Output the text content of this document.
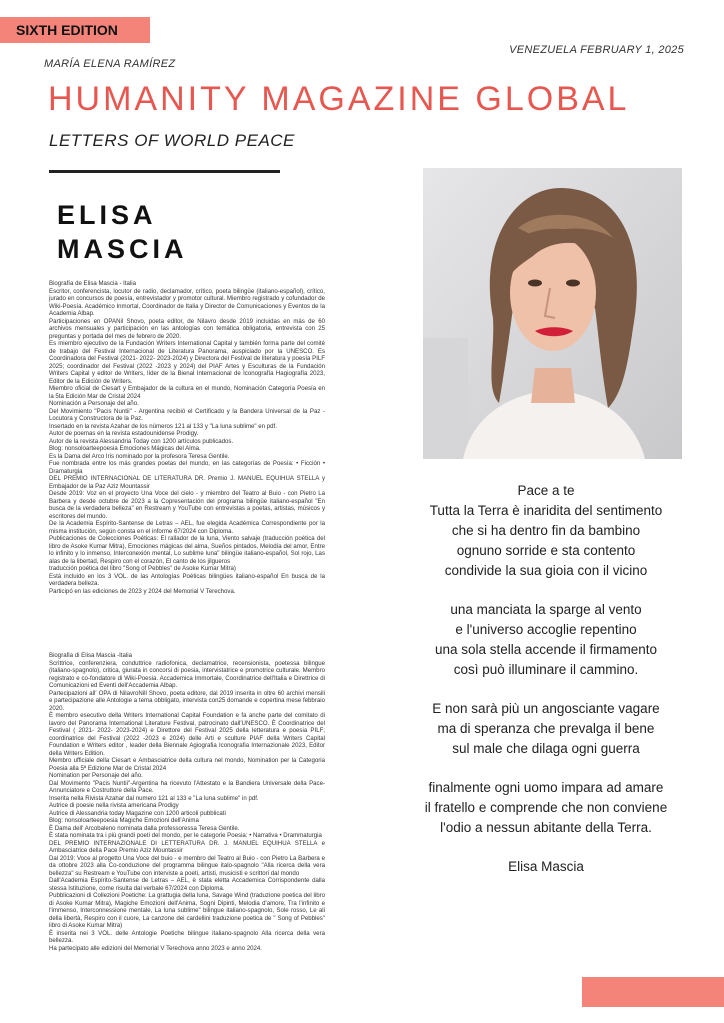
SIXTH EDITION
VENEZUELA FEBRUARY 1, 2025
MARÍA ELENA RAMÍREZ
HUMANITY MAGAZINE GLOBAL
LETTERS OF WORLD PEACE
ELISA
MASCIA

Biografía de Elisa Mascia - Italia

Escritor, conferencista, locutor de radio, declamador, crítico, poeta bilingüe (italiano-español), crítico, jurado en concursos de poesía, entrevistador y promotor cultural. Miembro registrado y cofundador de Wiki-Poesía. Académico Inmortal, Coordinador de Italia y Director de Comunicaciones y Eventos de la Academia Albap.

Participaciones en OPANil Shovo, poeta editor, de Nilavro desde 2019 incluidas en más de 60 archivos mensuales y participación en las antologías con temática obligatoria, entrevista con 25 preguntas y portada del mes de febrero de 2020.

Es miembro ejecutivo de la Fundación Writers International Capital y también forma parte del comité de trabajo del Festival Internacional de Literatura Panorama, auspiciado por la UNESCO. Es Coordinadora del Festival (2021- 2022- 2023-2024) y Directora del Festival de literatura y poesía PILF 2025; coordinador del Festival (2022 -2023 y 2024) del PIAF Artes y Esculturas de la Fundación Writers Capital y editor de Writers, líder de la Bienal Internacional de Iconografía Hagiografía 2023, Editor de la Edición de Writers.

Miembro oficial de Ciesart y Embajador de la cultura en el mundo, Nominación Categoría Poesía en la 5ta Edición Mar de Cristal 2024

Nominación a Personaje del año.

Del Movimiento "Pacis Nuntii" - Argentina recibió el Certificado y la Bandera Universal de la Paz - Locutora y Constructora de la Paz.

Insertado en la revista Azahar de los números 121 al 133 y "La luna sublime" en pdf.

Autor de poemas en la revista estadounidense Prodigy.

Autor de la revista Alessandria Today con 1200 artículos publicados.

Blog: nonsoloarteepoesia Emociones Mágicas del Alma.

Es la Dama del Arco Iris nominado por la profesora Teresa Gentile.

Fue nombrada entre los más grandes poetas del mundo, en las categorías de Poesía: • Ficción • Dramaturgia

DEL PREMIO INTERNACIONAL DE LITERATURA DR. Premio J. MANUEL EQUIHUA STELLA y Embajador de la Paz Aziz Mountassir

Desde 2019: Voz en el proyecto Una Voce del cielo - y miembro del Teatro al Buio - con Pietro La Barbera y desde octubre de 2023 a la Copresentación del programa bilingüe italiano-español "En busca de la verdadera belleza" en Restream y YouTube con entrevistas a poetas, artistas, músicos y escritores del mundo.

De la Academia Espírito-Santense de Letras – AEL, fue elegida Académica Correspondiente por la misma institución, según consta en el informe 67/2024 con Diploma.

Publicaciones de Colecciones Poéticas: El rallador de la luna, Viento salvaje (traducción poética del libro de Asoke Kumar Mitra), Emociones mágicas del alma, Sueños pintados, Melodía del amor, Entre lo infinito y lo inmenso, Interconexión mental, Lo sublime luna" bilingüe italiano-español, Sol rojo, Las alas de la libertad, Respiro con el corazón, El canto de los jilgueros

traducción poética del libro "Song of Pebbles" de Asoke Kumar Mitra)

Está incluido en los 3 VOL. de las Antologías Poéticas bilingües italiano-español En busca de la verdadera belleza.

Participó en las ediciones de 2023 y 2024 del Memorial V Terechova.

Biografia di Elisa Mascia -Italia

Scrittrice, conferenziera, conduttrice radiofonica, declamatrice, recensionista, poetessa bilingue (italiano-spagnolo), critica, giurata in concorsi di poesia, intervistatrice e promotrice culturale. Membro registrato e co-fondatore di Wiki-Poesia. Accademica Immortale, Coordinatrice dell'Italia e Direttrice di Comunicazioni ed Eventi dell'Accademia Albap.

Partecipazioni all' OPA di NilavroNill Shovo, poeta editore, dal 2019 inserita in oltre 60 archivi mensili e partecipazione alle Antologie a tema obbligato, intervista con25 domande e copertina mese febbraio 2020.

È membro esecutivo della Writers International Capital Foundation e fa anche parte del comitato di lavoro del Panorama International Literature Festival, patrocinato dall'UNESCO. È Coordinatrice del Festival ( 2021- 2022- 2023-2024) e Direttore del Festival 2025 della letteratura e poesia PILF; coordinatrice del Festival (2022 -2023 e 2024) delle Arti e sculture PIAF della Writers Capital Foundation e Writers editor , leader della Biennale Agiografia Iconografia Internazionale 2023, Editor della Writers Edition.

Membro ufficiale della Ciesart e Ambasciatrice della cultura nel mondo, Nomination per la Categoria Poesia alla 5ª Edizione Mar de Cristal 2024

Nomination per Personaje del año.

Dal Movimento "Pacis Nuntii"-Argentina ha ricevuto l'Attestato e la Bandiera Universale della Pace- Annunciatore e Costruttore della Pace.

Inserita nella Rivista Azahar dal numero 121 al 133 e "La luna sublime" in pdf.

Autrice di poesie nella rivista americana Prodigy

Autrice di Alessandria today Magazine con 1200 articoli pubblicati

Blog: nonsoloarteepoesia Magiche Emozioni dell'Anima

È Dama dell' Arcobaleno nominata dalla professoressa Teresa Gentile.

È stata nominata tra i più grandi poeti del mondo, per le categorie Poesia: • Narrativa • Drammaturgia

DEL PREMIO INTERNAZIONALE DI LETTERATURA DR. J. MANUEL EQUIHUA STELLA e Ambasciatrice della Pace Premio Aziz Mountassir

Dal 2019: Voce al progetto Una Voce del buio - e membro del Teatro al Buio - con Pietro La Barbera e da ottobre 2023 alla Co-conduzione del programma bilingue italo-spagnolo "Alla ricerca della vera bellezza" su Restream e YouTube con interviste a poeti, artisti, musicisti e scrittori dal mondo

Dall'Academia Espírito-Santense de Letras – AEL, è stata eletta Accademica Corrispondente dalla stessa Istituzione, come risulta dal verbale 67/2024 con Diploma.

Pubblicazioni di Collezioni Poetiche: La grattugia della luna, Savage Wind (traduzione poetica del libro di Asoke Kumar Mitra), Magiche Emozioni dell'Anima, Sogni Dipinti, Melodia d'amore, Tra l'infinito e l'immenso, Interconnessione mentale, La luna sublime" bilingue italiano-spagnolo, Sole rosso, Le ali della libertà, Respiro con il cuore, La canzone dei cardellini traduzione poetica de " Song of Pebbles" libro di Asoke Kumar Mitra)

È inserita nei 3 VOL. delle Antologie Poetiche bilingue italiano-spagnolo Alla ricerca della vera bellezza.

Ha partecipato alle edizioni del Memorial V Terechova anno 2023 e anno 2024.

Pace a te
Tutta la Terra è inaridita del sentimento
che si ha dentro fin da bambino
ognuno sorride e sta contento
condivide la sua gioia con il vicino
una manciata la sparge al vento
e l'universo accoglie repentino
una sola stella accende il firmamento
così può illuminare il cammino.
E non sarà più un angosciante vagare
ma di speranza che prevalga il bene
sul male che dilaga ogni guerra
finalmente ogni uomo impara ad amare
il fratello e comprende che non conviene
l'odio a nessun abitante della Terra.
Elisa Mascia
